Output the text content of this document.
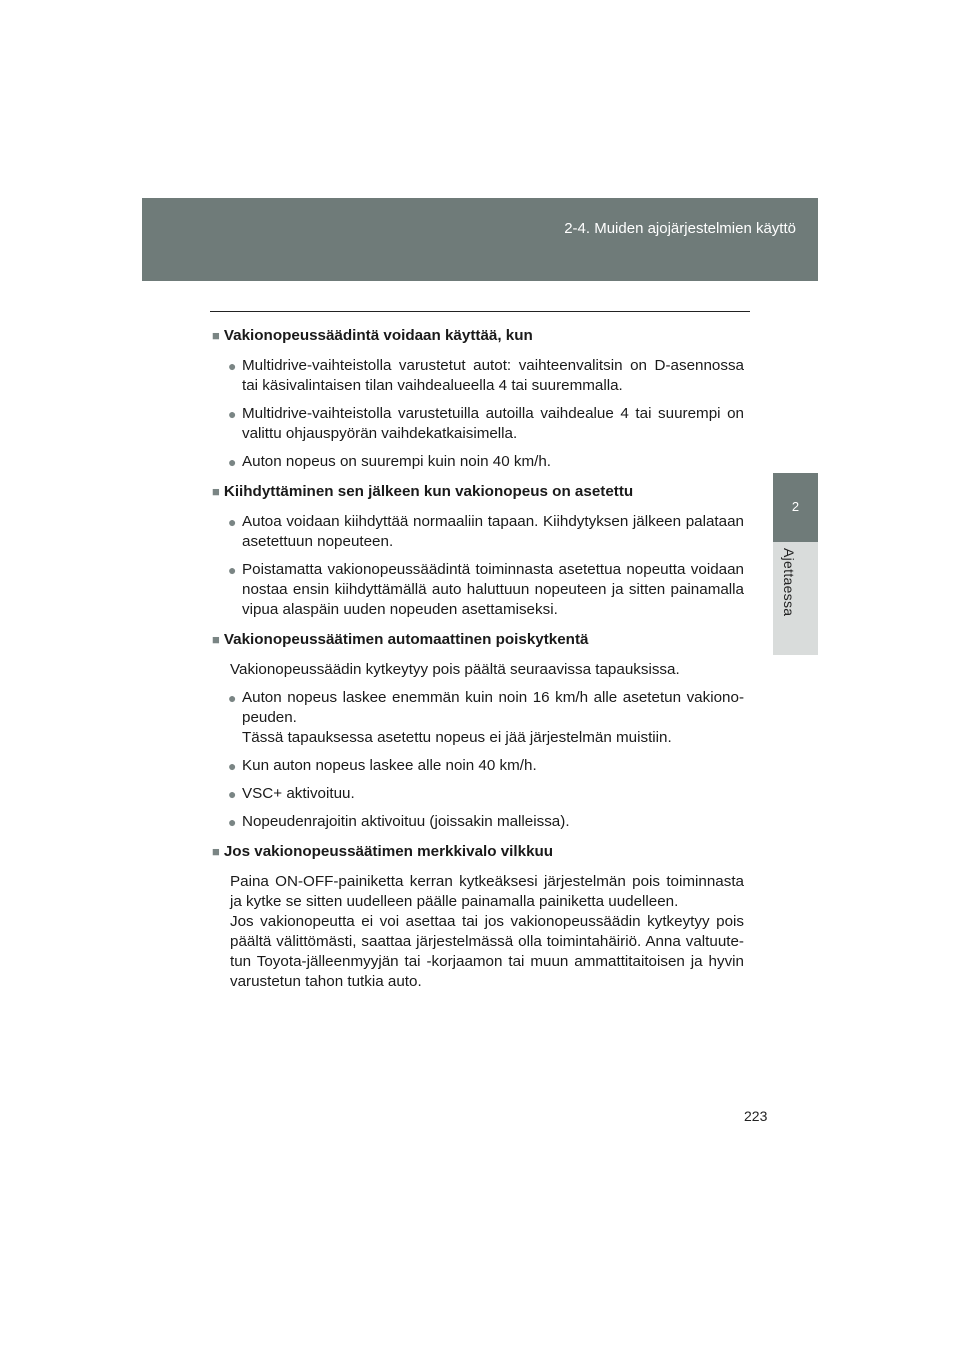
2-4. Muiden ajojärjestelmien käyttö
2
Ajettaessa
■ Vakionopeussäädintä voidaan käyttää, kun
● Multidrive-vaihteistolla varustetut autot: vaihteenvalitsin on D-asennossa tai käsivalintaisen tilan vaihdealueella 4 tai suuremmalla.
● Multidrive-vaihteistolla varustetuilla autoilla vaihdealue 4 tai suurempi on valittu ohjauspyörän vaihdekatkaisimella.
● Auton nopeus on suurempi kuin noin 40 km/h.
■ Kiihdyttäminen sen jälkeen kun vakionopeus on asetettu
● Autoa voidaan kiihdyttää normaaliin tapaan. Kiihdytyksen jälkeen palataan asetettuun nopeuteen.
● Poistamatta vakionopeussäädintä toiminnasta asetettua nopeutta voidaan nostaa ensin kiihdyttämällä auto haluttuun nopeuteen ja sitten painamalla vipua alaspäin uuden nopeuden asettamiseksi.
■ Vakionopeussäätimen automaattinen poiskytkentä
Vakionopeussäädin kytkeytyy pois päältä seuraavissa tapauksissa.
● Auton nopeus laskee enemmän kuin noin 16 km/h alle asetetun vakiono-peuden.
Tässä tapauksessa asetettu nopeus ei jää järjestelmän muistiin.
● Kun auton nopeus laskee alle noin 40 km/h.
● VSC+ aktivoituu.
● Nopeudenrajoitin aktivoituu (joissakin malleissa).
■ Jos vakionopeussäätimen merkkivalo vilkkuu
Paina ON-OFF-painiketta kerran kytkeäksesi järjestelmän pois toiminnasta ja kytke se sitten uudelleen päälle painamalla painiketta uudelleen.
Jos vakionopeutta ei voi asettaa tai jos vakionopeussäädin kytkeytyy pois päältä välittömästi, saattaa järjestelmässä olla toimintahäiriö. Anna valtuute-tun Toyota-jälleenmyyjän tai -korjaamon tai muun ammattitaitoisen ja hyvin varustetun tahon tutkia auto.
223
